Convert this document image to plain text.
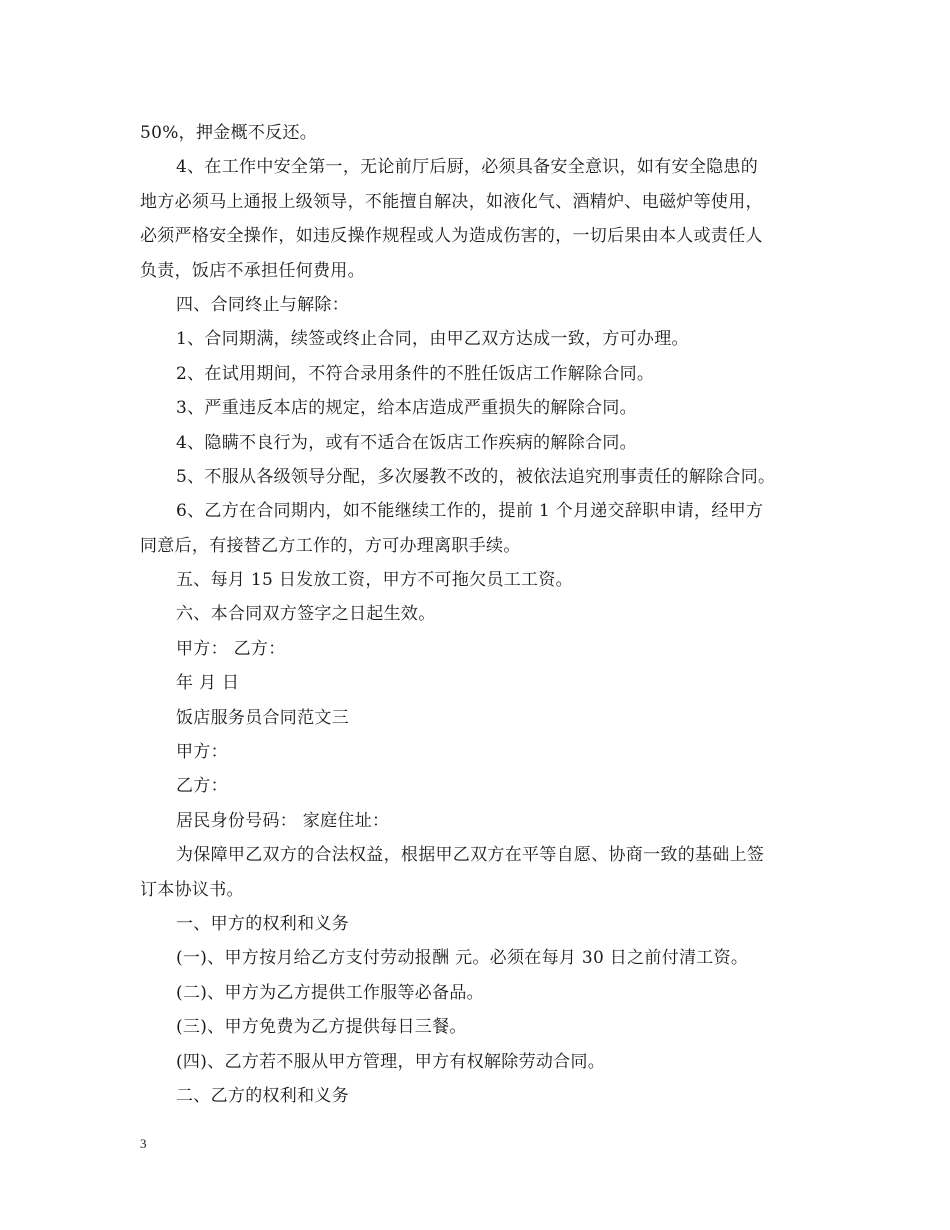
50%，押金概不反还。
4、在工作中安全第一，无论前厅后厨，必须具备安全意识，如有安全隐患的
地方必须马上通报上级领导，不能擅自解决，如液化气、酒精炉、电磁炉等使用，
必须严格安全操作，如违反操作规程或人为造成伤害的，一切后果由本人或责任人
负责，饭店不承担任何费用。
四、合同终止与解除：
1、合同期满，续签或终止合同，由甲乙双方达成一致，方可办理。
2、在试用期间，不符合录用条件的不胜任饭店工作解除合同。
3、严重违反本店的规定，给本店造成严重损失的解除合同。
4、隐瞒不良行为，或有不适合在饭店工作疾病的解除合同。
5、不服从各级领导分配，多次屡教不改的，被依法追究刑事责任的解除合同。
6、乙方在合同期内，如不能继续工作的，提前 1 个月递交辞职申请，经甲方
同意后，有接替乙方工作的，方可办理离职手续。
五、每月 15 日发放工资，甲方不可拖欠员工工资。
六、本合同双方签字之日起生效。
甲方： 乙方：
年 月 日
饭店服务员合同范文三
甲方：
乙方：
居民身份号码： 家庭住址：
为保障甲乙双方的合法权益，根据甲乙双方在平等自愿、协商一致的基础上签
订本协议书。
一、甲方的权利和义务
(一)、甲方按月给乙方支付劳动报酬 元。必须在每月 30 日之前付清工资。
(二)、甲方为乙方提供工作服等必备品。
(三)、甲方免费为乙方提供每日三餐。
(四)、乙方若不服从甲方管理，甲方有权解除劳动合同。
二、乙方的权利和义务
3
